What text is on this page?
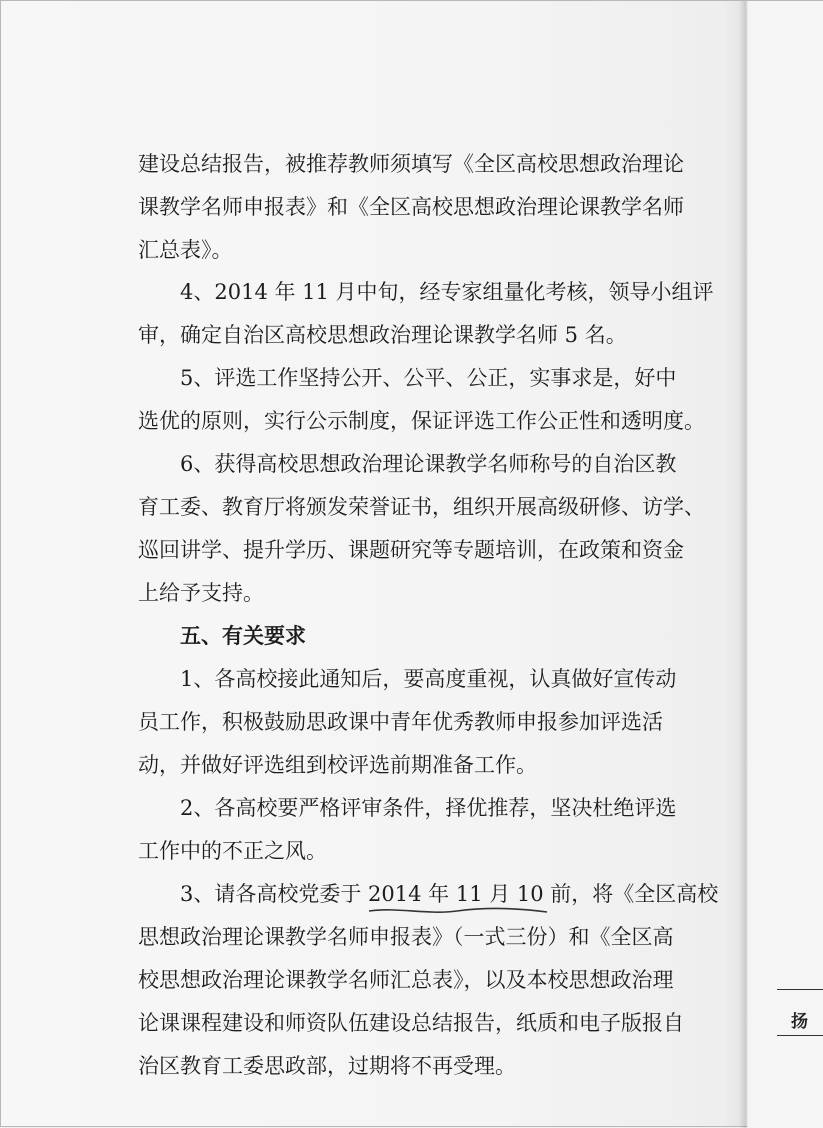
扬
建设总结报告，被推荐教师须填写《全区高校思想政治理论
课教学名师申报表》和《全区高校思想政治理论课教学名师
汇总表》。
4、2014 年 11 月中旬，经专家组量化考核，领导小组评
审，确定自治区高校思想政治理论课教学名师 5 名。
5、评选工作坚持公开、公平、公正，实事求是，好中
选优的原则，实行公示制度，保证评选工作公正性和透明度。
6、获得高校思想政治理论课教学名师称号的自治区教
育工委、教育厅将颁发荣誉证书，组织开展高级研修、访学、
巡回讲学、提升学历、课题研究等专题培训，在政策和资金
上给予支持。
五、有关要求
1、各高校接此通知后，要高度重视，认真做好宣传动
员工作，积极鼓励思政课中青年优秀教师申报参加评选活
动，并做好评选组到校评选前期准备工作。
2、各高校要严格评审条件，择优推荐，坚决杜绝评选
工作中的不正之风。
3、请各高校党委于 2014 年 11 月 10 前，将《全区高校
思想政治理论课教学名师申报表》（一式三份）和《全区高
校思想政治理论课教学名师汇总表》，以及本校思想政治理
论课课程建设和师资队伍建设总结报告，纸质和电子版报自
治区教育工委思政部，过期将不再受理。
